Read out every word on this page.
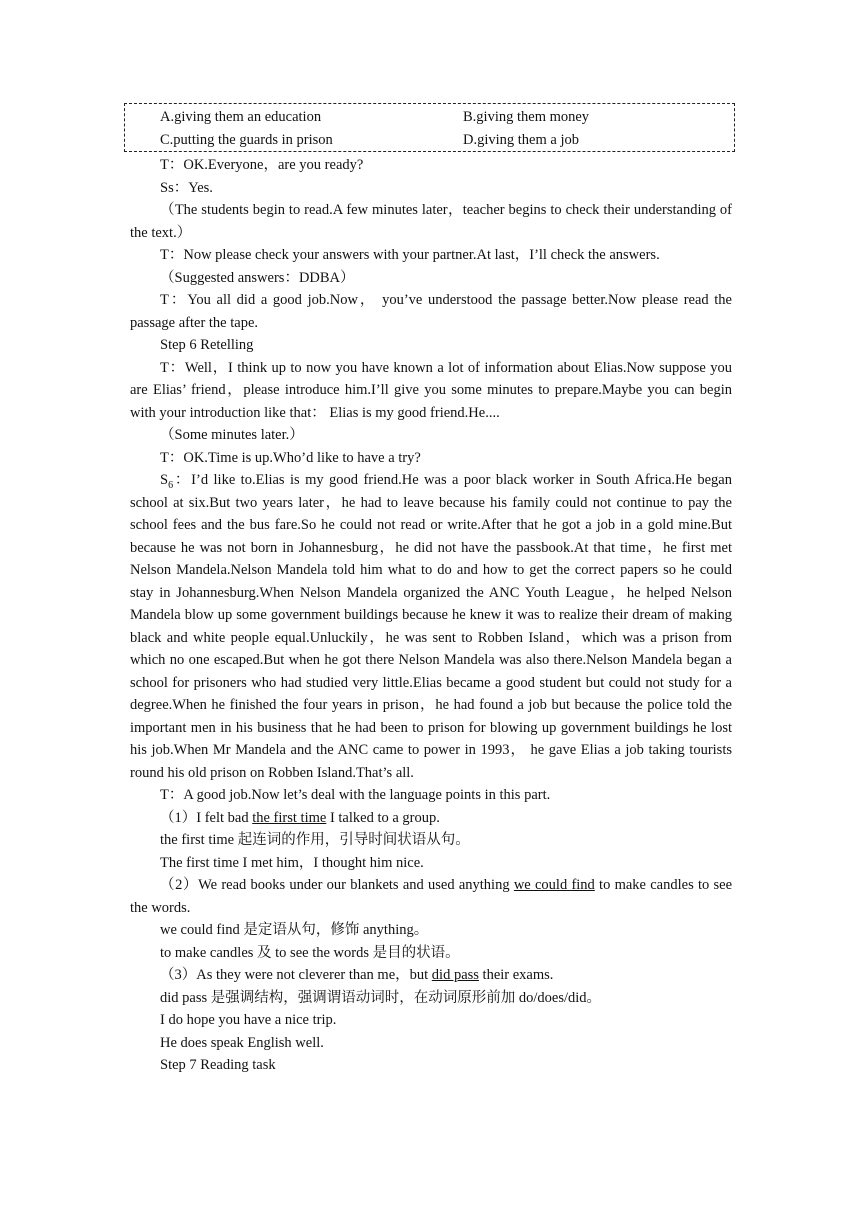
A.giving them an education	B.giving them money
C.putting the guards in prison	D.giving them a job
T：OK.Everyone，are you ready?
Ss：Yes.
（The students begin to read.A few minutes later，teacher begins to check their understanding of the text.）
T：Now please check your answers with your partner.At last，I’ll check the answers.
（Suggested answers：DDBA）
T：You all did a good job.Now， you’ve understood the passage better.Now please read the passage after the tape.
Step 6 Retelling
T：Well，I think up to now you have known a lot of information about Elias.Now suppose you are Elias’ friend，please introduce him.I’ll give you some minutes to prepare.Maybe you can begin with your introduction like that： Elias is my good friend.He....
（Some minutes later.）
T：OK.Time is up.Who’d like to have a try?
$S_6$：I’d like to.Elias is my good friend.He was a poor black worker in South Africa.He began school at six.But two years later，he had to leave because his family could not continue to pay the school fees and the bus fare.So he could not read or write.After that he got a job in a gold mine.But because he was not born in Johannesburg，he did not have the passbook.At that time，he first met Nelson Mandela.Nelson Mandela told him what to do and how to get the correct papers so he could stay in Johannesburg.When Nelson Mandela organized the ANC Youth League，he helped Nelson Mandela blow up some government buildings because he knew it was to realize their dream of making black and white people equal.Unluckily，he was sent to Robben Island，which was a prison from which no one escaped.But when he got there Nelson Mandela was also there.Nelson Mandela began a school for prisoners who had studied very little.Elias became a good student but could not study for a degree.When he finished the four years in prison，he had found a job but because the police told the important men in his business that he had been to prison for blowing up government buildings he lost his job.When Mr Mandela and the ANC came to power in 1993， he gave Elias a job taking tourists round his old prison on Robben Island.That’s all.
T：A good job.Now let’s deal with the language points in this part.
（1）I felt bad the first time I talked to a group.
the first time 起连词的作用，引导时间状语从句。
The first time I met him，I thought him nice.
（2）We read books under our blankets and used anything we could find to make candles to see the words.
we could find 是定语从句，修饰 anything。
to make candles 及 to see the words 是目的状语。
（3）As they were not cleverer than me，but did pass their exams.
did pass 是强调结构，强调谓语动词时，在动词原形前加 do/does/did。
I do hope you have a nice trip.
He does speak English well.
Step 7 Reading task
